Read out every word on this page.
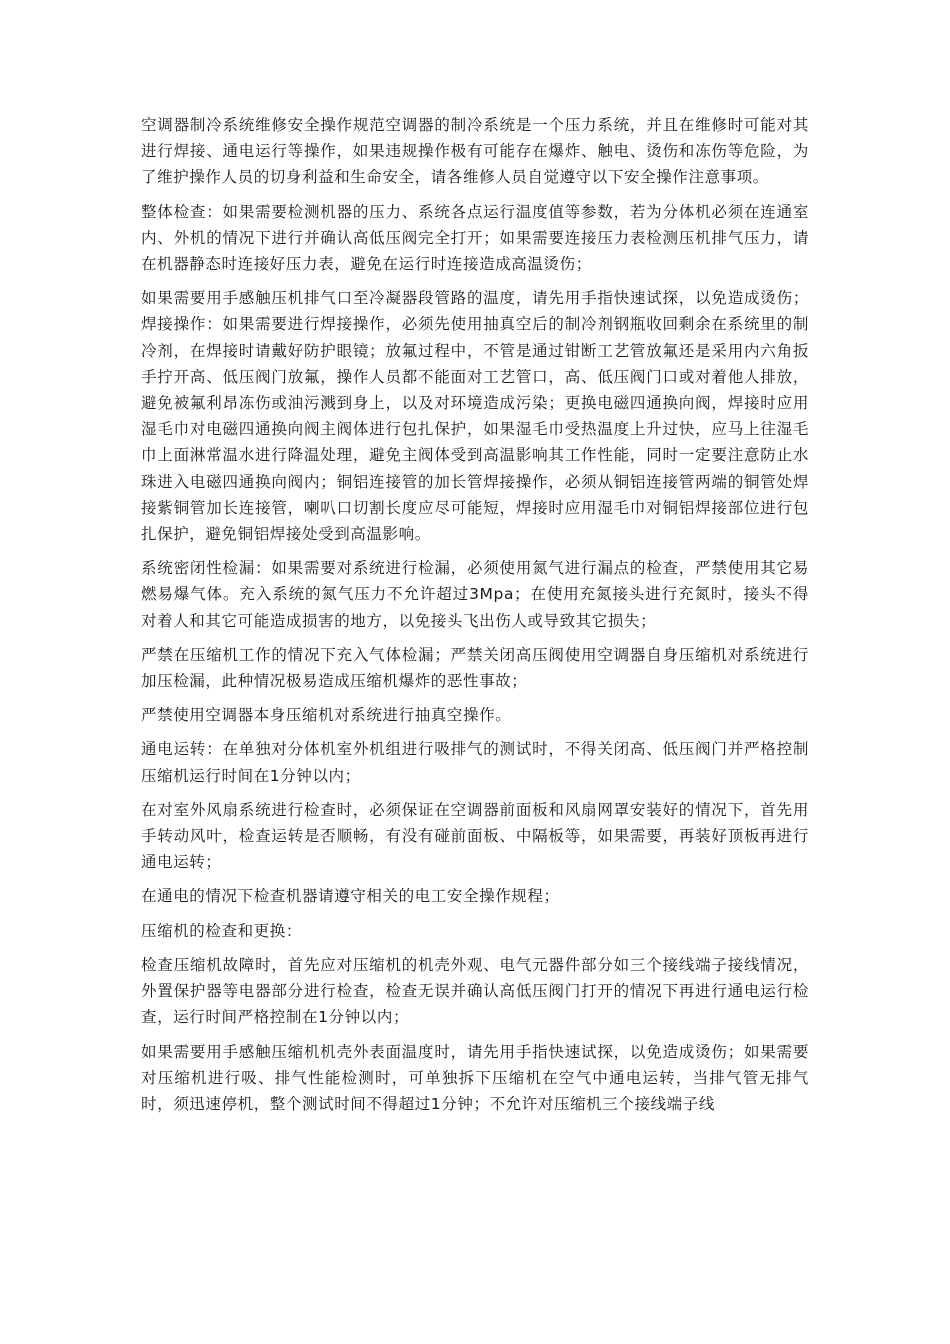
空调器制冷系统维修安全操作规范空调器的制冷系统是一个压力系统，并且在维修时可能对其进行焊接、通电运行等操作，如果违规操作极有可能存在爆炸、触电、烫伤和冻伤等危险，为了维护操作人员的切身利益和生命安全，请各维修人员自觉遵守以下安全操作注意事项。

整体检查：如果需要检测机器的压力、系统各点运行温度值等参数，若为分体机必须在连通室内、外机的情况下进行并确认高低压阀完全打开；如果需要连接压力表检测压机排气压力，请在机器静态时连接好压力表，避免在运行时连接造成高温烫伤；

如果需要用手感触压机排气口至冷凝器段管路的温度，请先用手指快速试探，以免造成烫伤；焊接操作：如果需要进行焊接操作，必须先使用抽真空后的制冷剂钢瓶收回剩余在系统里的制冷剂，在焊接时请戴好防护眼镜；放氟过程中，不管是通过钳断工艺管放氟还是采用内六角扳手拧开高、低压阀门放氟，操作人员都不能面对工艺管口，高、低压阀门口或对着他人排放，避免被氟利昂冻伤或油污溅到身上，以及对环境造成污染；更换电磁四通换向阀，焊接时应用湿毛巾对电磁四通换向阀主阀体进行包扎保护，如果湿毛巾受热温度上升过快，应马上往湿毛巾上面淋常温水进行降温处理，避免主阀体受到高温影响其工作性能，同时一定要注意防止水珠进入电磁四通换向阀内；铜铝连接管的加长管焊接操作，必须从铜铝连接管两端的铜管处焊接紫铜管加长连接管，喇叭口切割长度应尽可能短，焊接时应用湿毛巾对铜铝焊接部位进行包扎保护，避免铜铝焊接处受到高温影响。

系统密闭性检漏：如果需要对系统进行检漏，必须使用氮气进行漏点的检查，严禁使用其它易燃易爆气体。充入系统的氮气压力不允许超过3Mpa；在使用充氮接头进行充氮时，接头不得对着人和其它可能造成损害的地方，以免接头飞出伤人或导致其它损失；

严禁在压缩机工作的情况下充入气体检漏；严禁关闭高压阀使用空调器自身压缩机对系统进行加压检漏，此种情况极易造成压缩机爆炸的恶性事故；

严禁使用空调器本身压缩机对系统进行抽真空操作。

通电运转：在单独对分体机室外机组进行吸排气的测试时，不得关闭高、低压阀门并严格控制压缩机运行时间在1分钟以内；

在对室外风扇系统进行检查时，必须保证在空调器前面板和风扇网罩安装好的情况下，首先用手转动风叶，检查运转是否顺畅，有没有碰前面板、中隔板等，如果需要，再装好顶板再进行通电运转；

在通电的情况下检查机器请遵守相关的电工安全操作规程；

压缩机的检查和更换：

检查压缩机故障时，首先应对压缩机的机壳外观、电气元器件部分如三个接线端子接线情况，外置保护器等电器部分进行检查，检查无误并确认高低压阀门打开的情况下再进行通电运行检查，运行时间严格控制在1分钟以内；

如果需要用手感触压缩机机壳外表面温度时，请先用手指快速试探，以免造成烫伤；如果需要对压缩机进行吸、排气性能检测时，可单独拆下压缩机在空气中通电运转，当排气管无排气时，须迅速停机，整个测试时间不得超过1分钟；不允许对压缩机三个接线端子线
